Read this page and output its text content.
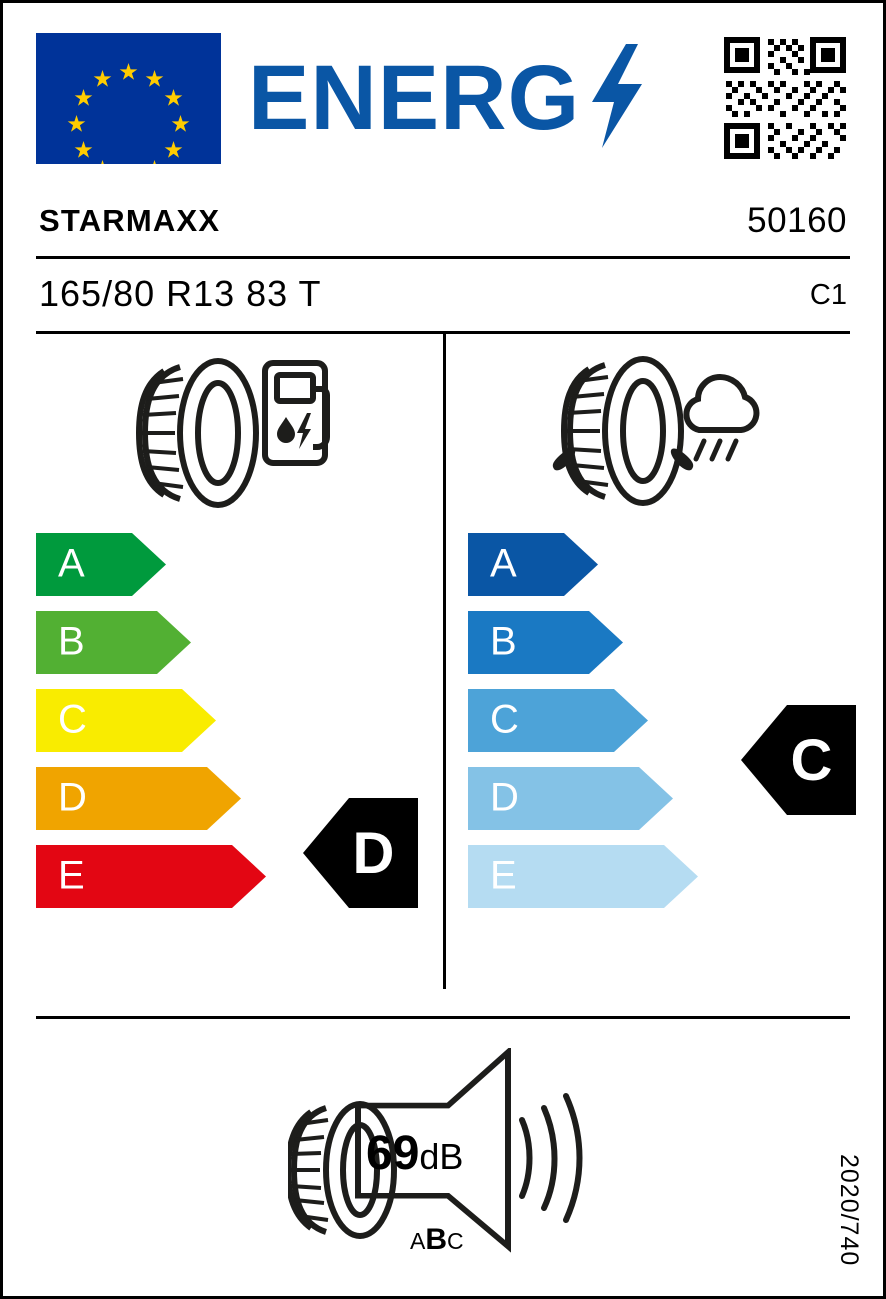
ENERG
STARMAXX	50160
165/80 R13 83 T	C1
A
B
C
D
E
A
B
C
D
E
D
C
69dB
ABC	2020/740
